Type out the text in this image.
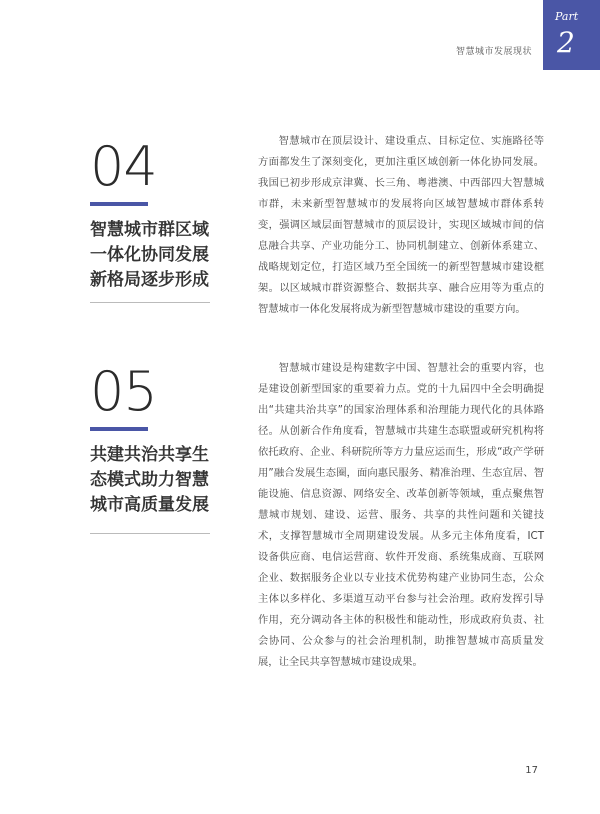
智慧城市发展现状
Part
2
04
智慧城市群区域一体化协同发展新格局逐步形成

智慧城市在顶层设计、建设重点、目标定位、实施路径等方面都发生了深刻变化，更加注重区域创新一体化协同发展。我国已初步形成京津冀、长三角、粤港澳、中西部四大智慧城市群，未来新型智慧城市的发展将向区域智慧城市群体系转变，强调区域层面智慧城市的顶层设计，实现区域城市间的信息融合共享、产业功能分工、协同机制建立、创新体系建立、战略规划定位，打造区域乃至全国统一的新型智慧城市建设框架。以区域城市群资源整合、数据共享、融合应用等为重点的智慧城市一体化发展将成为新型智慧城市建设的重要方向。

05
共建共治共享生态模式助力智慧城市高质量发展

智慧城市建设是构建数字中国、智慧社会的重要内容，也是建设创新型国家的重要着力点。党的十九届四中全会明确提出“共建共治共享”的国家治理体系和治理能力现代化的具体路径。从创新合作角度看，智慧城市共建生态联盟或研究机构将依托政府、企业、科研院所等方力量应运而生，形成“政产学研用”融合发展生态圈，面向惠民服务、精准治理、生态宜居、智能设施、信息资源、网络安全、改革创新等领域，重点聚焦智慧城市规划、建设、运营、服务、共享的共性问题和关键技术，支撑智慧城市全周期建设发展。从多元主体角度看，ICT 设备供应商、电信运营商、软件开发商、系统集成商、互联网企业、数据服务企业以专业技术优势构建产业协同生态，公众主体以多样化、多渠道互动平台参与社会治理。政府发挥引导作用，充分调动各主体的积极性和能动性，形成政府负责、社会协同、公众参与的社会治理机制，助推智慧城市高质量发展，让全民共享智慧城市建设成果。

17
